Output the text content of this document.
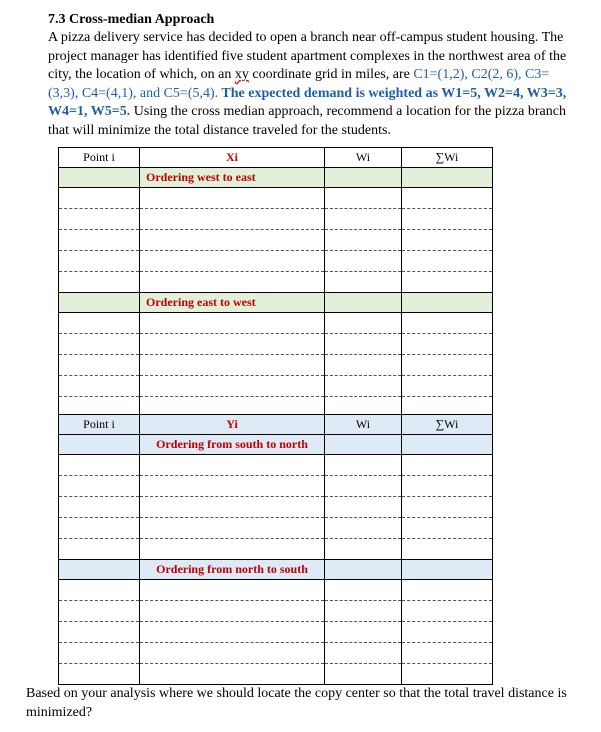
7.3 Cross-median Approach
A pizza delivery service has decided to open a branch near off-campus student housing. The project manager has identified five student apartment complexes in the northwest area of the city, the location of which, on an xy coordinate grid in miles, are C1=(1,2), C2(2, 6), C3=(3,3), C4=(4,1), and C5=(5,4). The expected demand is weighted as W1=5, W2=4, W3=3, W4=1, W5=5. Using the cross median approach, recommend a location for the pizza branch that will minimize the total distance traveled for the students.
Point i	Xi	Wi	∑Wi
	Ordering west to east		

	Ordering east to west		

Point i	Yi	Wi	∑Wi
	Ordering from south to north		

	Ordering from north to south		

Based on your analysis where we should locate the copy center so that the total travel distance is minimized?
